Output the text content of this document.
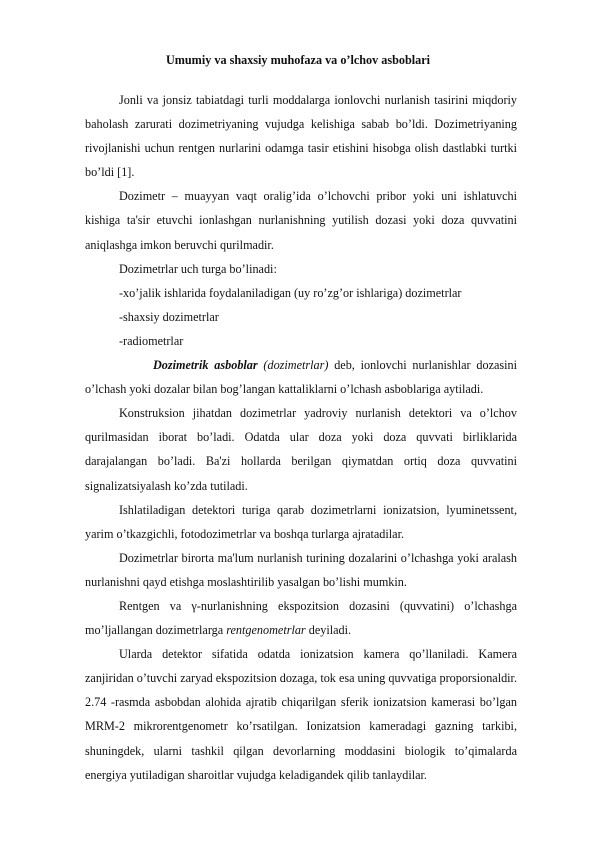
Umumiy va shaxsiy muhofaza va o’lchov asboblari

Jonli va jonsiz tabiatdagi turli moddalarga ionlovchi nurlanish tasirini miqdoriy baholash zarurati dozimetriyaning vujudga kelishiga sabab bo’ldi. Dozimetriyaning rivojlanishi uchun rentgen nurlarini odamga tasir etishini hisobga olish dastlabki turtki bo’ldi [1].

Dozimetr – muayyan vaqt oralig’ida o’lchovchi pribor yoki uni ishlatuvchi kishiga ta'sir etuvchi ionlashgan nurlanishning yutilish dozasi yoki doza quvvatini aniqlashga imkon beruvchi qurilmadir.

Dozimetrlar uch turga bo’linadi:

-xo’jalik ishlarida foydalaniladigan (uy ro’zg’or ishlariga) dozimetrlar

-shaxsiy dozimetrlar

-radiometrlar

Dozimetrik asboblar (dozimetrlar) deb, ionlovchi nurlanishlar dozasini o’lchash yoki dozalar bilan bog’langan kattaliklarni o’lchash asboblariga aytiladi.

Konstruksion jihatdan dozimetrlar yadroviy nurlanish detektori va o’lchov qurilmasidan iborat bo’ladi. Odatda ular doza yoki doza quvvati birliklarida darajalangan bo’ladi. Ba'zi hollarda berilgan qiymatdan ortiq doza quvvatini signalizatsiyalash ko’zda tutiladi.

Ishlatiladigan detektori turiga qarab dozimetrlarni ionizatsion, lyuminetssent, yarim o’tkazgichli, fotodozimetrlar va boshqa turlarga ajratadilar.

Dozimetrlar birorta ma'lum nurlanish turining dozalarini o’lchashga yoki aralash nurlanishni qayd etishga moslashtirilib yasalgan bo’lishi mumkin.

Rentgen va γ-nurlanishning ekspozitsion dozasini (quvvatini) o’lchashga mo’ljallangan dozimetrlarga rentgenometrlar deyiladi.

Ularda detektor sifatida odatda ionizatsion kamera qo’llaniladi. Kamera zanjiridan o’tuvchi zaryad ekspozitsion dozaga, tok esa uning quvvatiga proporsionaldir. 2.74 -rasmda asbobdan alohida ajratib chiqarilgan sferik ionizatsion kamerasi bo’lgan MRM-2 mikrorentgenometr ko’rsatilgan. Ionizatsion kameradagi gazning tarkibi, shuningdek, ularni tashkil qilgan devorlarning moddasini biologik to’qimalarda energiya yutiladigan sharoitlar vujudga keladigandek qilib tanlaydilar.
